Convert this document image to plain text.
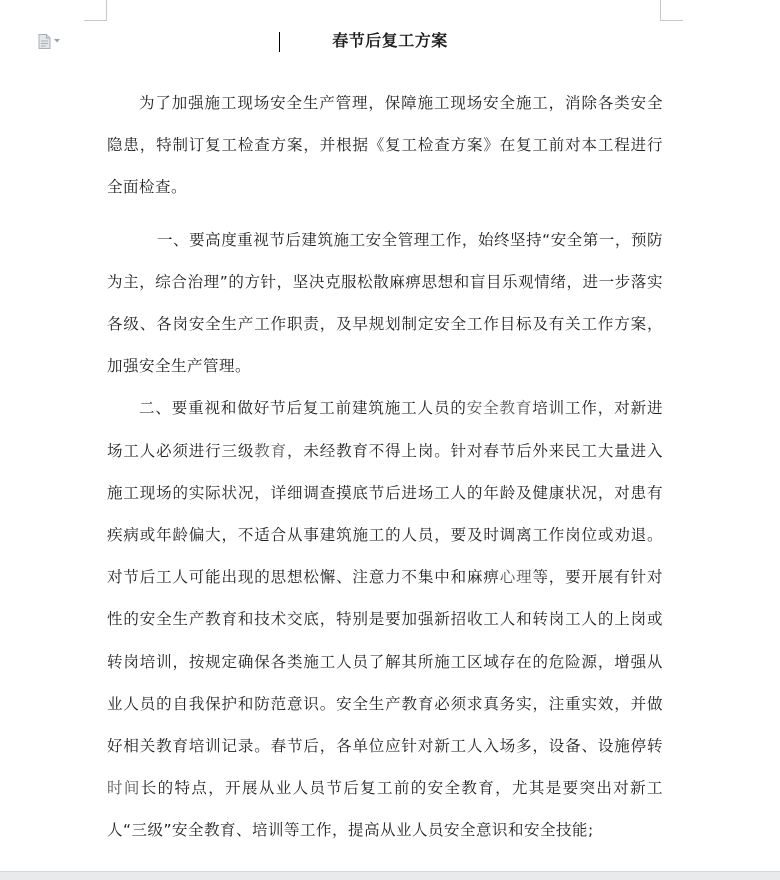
春节后复工方案

为了加强施工现场安全生产管理，保障施工现场安全施工，消除各类安全隐患，特制订复工检查方案，并根据《复工检查方案》在复工前对本工程进行全面检查。

一、要高度重视节后建筑施工安全管理工作，始终坚持“安全第一，预防为主，综合治理”的方针，坚决克服松散麻痹思想和盲目乐观情绪，进一步落实各级、各岗安全生产工作职责，及早规划制定安全工作目标及有关工作方案，加强安全生产管理。

二、要重视和做好节后复工前建筑施工人员的安全教育培训工作，对新进场工人必须进行三级教育，未经教育不得上岗。针对春节后外来民工大量进入施工现场的实际状况，详细调查摸底节后进场工人的年龄及健康状况，对患有疾病或年龄偏大，不适合从事建筑施工的人员，要及时调离工作岗位或劝退。对节后工人可能出现的思想松懈、注意力不集中和麻痹心理等，要开展有针对性的安全生产教育和技术交底，特别是要加强新招收工人和转岗工人的上岗或转岗培训，按规定确保各类施工人员了解其所施工区域存在的危险源，增强从业人员的自我保护和防范意识。安全生产教育必须求真务实，注重实效，并做好相关教育培训记录。春节后，各单位应针对新工人入场多，设备、设施停转时间长的特点，开展从业人员节后复工前的安全教育，尤其是要突出对新工人“三级”安全教育、培训等工作，提高从业人员安全意识和安全技能;
